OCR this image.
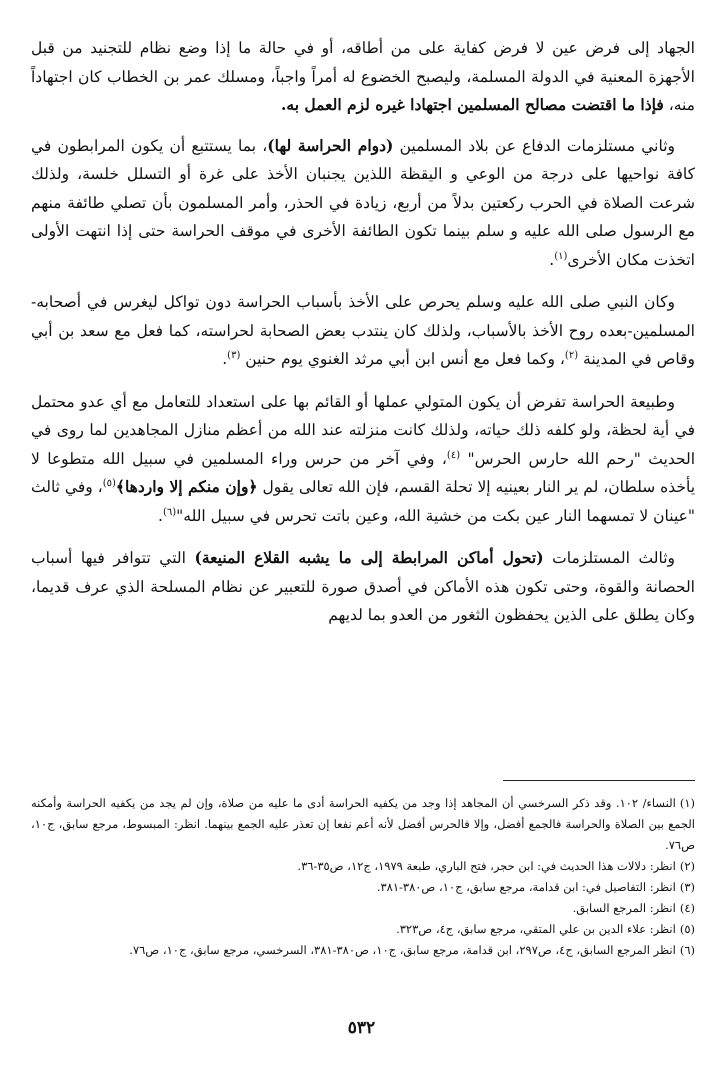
الجهاد إلى فرض عين لا فرض كفاية على من أطاقه، أو في حالة ما إذا وضع نظام للتجنيد من قبل الأجهزة المعنية في الدولة المسلمة، وليصبح الخضوع له أمراً واجباً، ومسلك عمر بن الخطاب كان اجتهاداً منه، فإذا ما اقتضت مصالح المسلمين اجتهادا غيره لزم العمل به.

وثاني مستلزمات الدفاع عن بلاد المسلمين (دوام الحراسة لها)، بما يستتبع أن يكون المرابطون في كافة نواحيها على درجة من الوعي و اليقظة اللذين يجنبان الأخذ على غرة أو التسلل خلسة، ولذلك شرعت الصلاة في الحرب ركعتين بدلاً من أربع، زيادة في الحذر، وأمر المسلمون بأن تصلي طائفة منهم مع الرسول صلى الله عليه و سلم بينما تكون الطائفة الأخرى في موقف الحراسة حتى إذا انتهت الأولى اتخذت مكان الأخرى$^{(١)}$.

وكان النبي صلى الله عليه وسلم يحرص على الأخذ بأسباب الحراسة دون تواكل ليغرس في أصحابه-المسلمين-بعده روح الأخذ بالأسباب، ولذلك كان ينتدب بعض الصحابة لحراسته، كما فعل مع سعد بن أبي وقاص في المدينة $^{(٢)}$، وكما فعل مع أنس ابن أبي مرثد الغنوي يوم حنين $^{(٣)}$.

وطبيعة الحراسة تفرض أن يكون المتولي عملها أو القائم بها على استعداد للتعامل مع أي عدو محتمل في أية لحظة، ولو كلفه ذلك حياته، ولذلك كانت منزلته عند الله من أعظم منازل المجاهدين لما روى في الحديث "رحم الله حارس الحرس" $^{(٤)}$، وفي آخر من حرس وراء المسلمين في سبيل الله متطوعا لا يأخذه سلطان، لم ير النار بعينيه إلا تحلة القسم، فإن الله تعالى يقول ﴿وإن منكم إلا واردها﴾$^{(٥)}$، وفي ثالث "عينان لا تمسهما النار عين بكت من خشية الله، وعين باتت تحرس في سبيل الله"$^{(٦)}$.

وثالث المستلزمات (تحول أماكن المرابطة إلى ما يشبه القلاع المنيعة) التي تتوافر فيها أسباب الحصانة والقوة، وحتى تكون هذه الأماكن في أصدق صورة للتعبير عن نظام المسلحة الذي عرف قديما، وكان يطلق على الذين يحفظون الثغور من العدو بما لديهم

(١)النساء/ ١٠٢. وقد ذكر السرخسي أن المجاهد إذا وجد من يكفيه الحراسة أدى ما عليه من صلاة، وإن لم يجد من يكفيه الحراسة وأمكنه الجمع بين الصلاة والحراسة فالجمع أفضل، وإلا فالحرس أفضل لأنه أعم نفعا إن تعذر عليه الجمع بينهما. انظر: المبسوط، مرجع سابق، ج١٠، ص٧٦.

(٢)انظر: دلالات هذا الحديث في: ابن حجر، فتح الباري، طبعة ١٩٧٩، ج١٢، ص٣٥-٣٦.

(٣)انظر: التفاصيل في: ابن قدامة، مرجع سابق، ج١٠، ص٣٨٠-٣٨١.

(٤)انظر: المرجع السابق.

(٥)انظر: علاء الدين بن علي المتقي، مرجع سابق، ج٤، ص٣٢٣.

(٦)انظر المرجع السابق، ج٤، ص٢٩٧، ابن قدامة، مرجع سابق، ج١٠، ص٣٨٠-٣٨١، السرخسي، مرجع سابق، ج١٠، ص٧٦.

٥٣٢
